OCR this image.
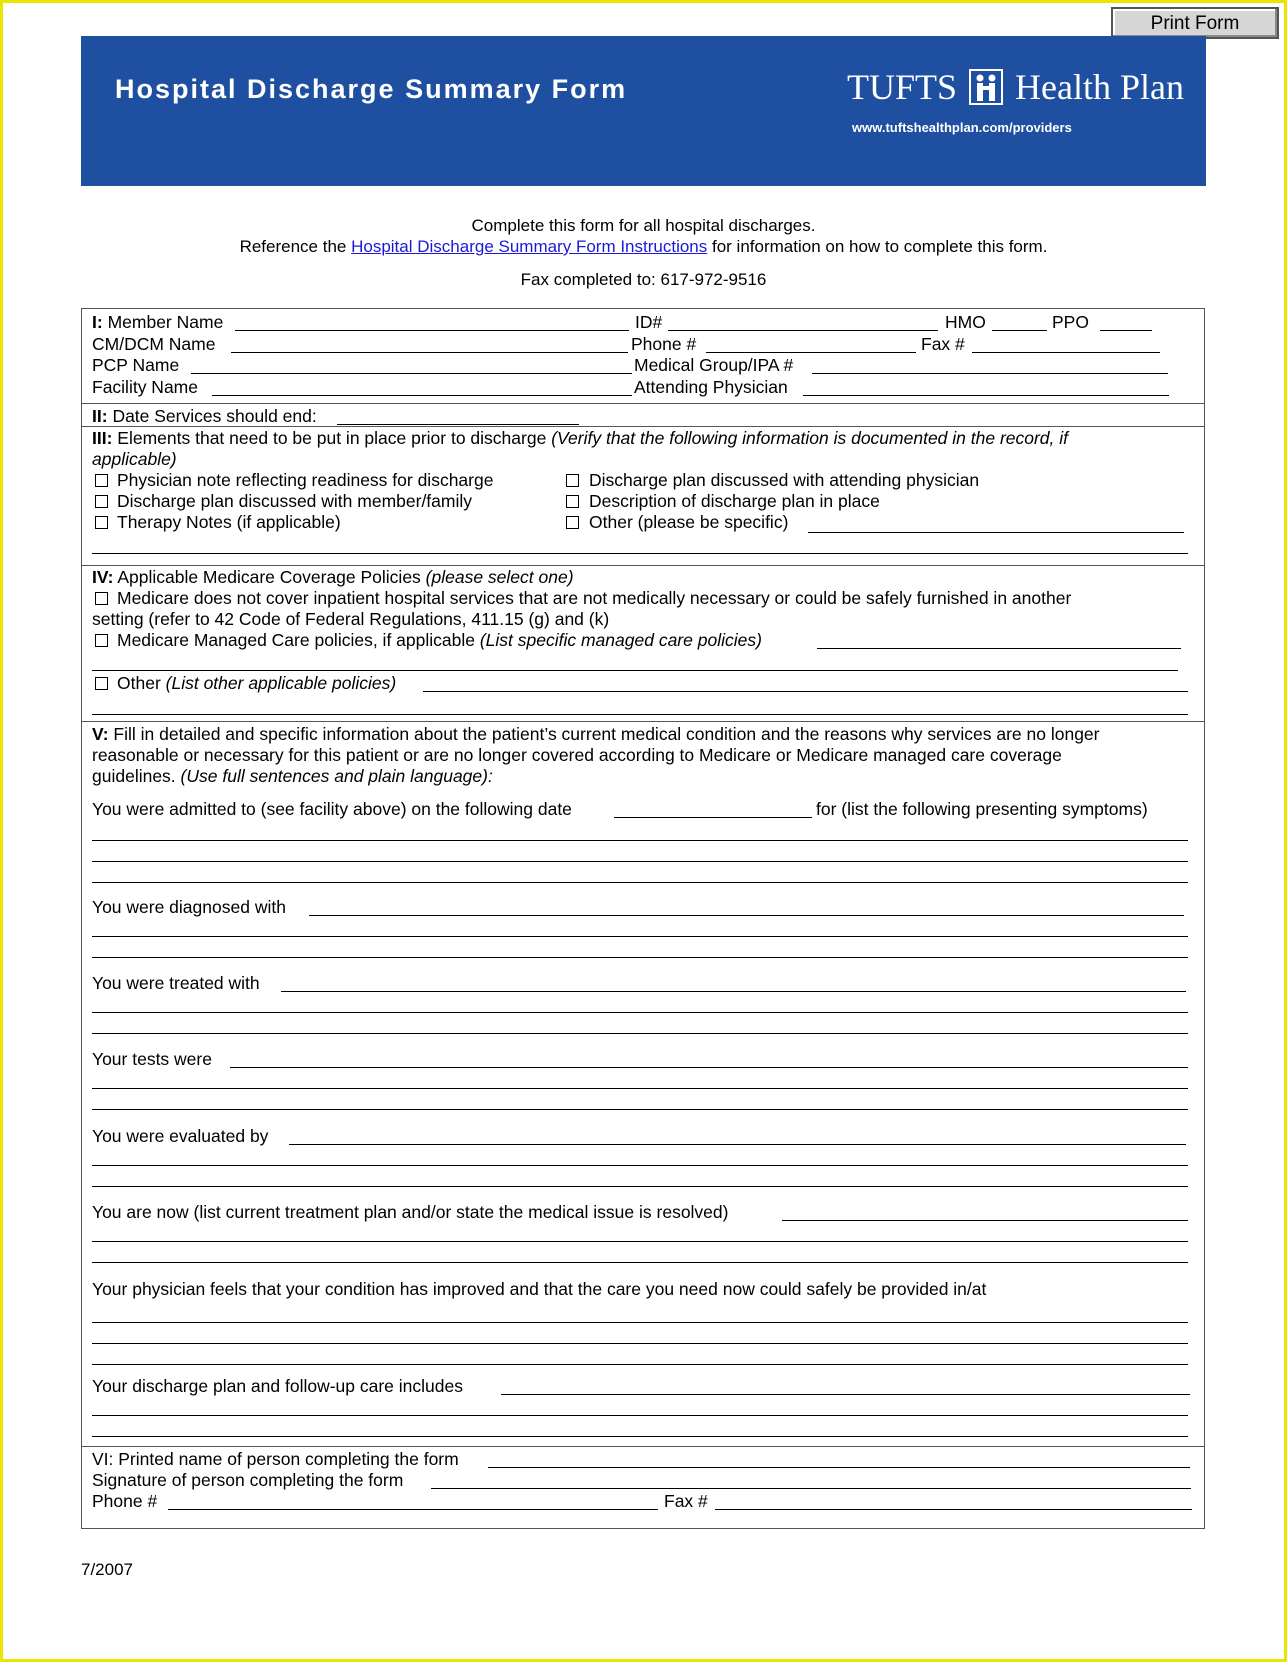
Print Form
Hospital Discharge Summary Form	TUFTS Health Plan
www.tuftshealthplan.com/providers
Complete this form for all hospital discharges.
Reference the Hospital Discharge Summary Form Instructions for information on how to complete this form.
Fax completed to: 617-972-9516
I: Member Name	ID#	HMO	PPO
CM/DCM Name	Phone #	Fax #
PCP Name	Medical Group/IPA #
Facility Name	Attending Physician
II: Date Services should end:
III: Elements that need to be put in place prior to discharge (Verify that the following information is documented in the record, if
applicable)
Physician note reflecting readiness for discharge
Discharge plan discussed with member/family
Therapy Notes (if applicable)
Discharge plan discussed with attending physician
Description of discharge plan in place
Other (please be specific)
IV: Applicable Medicare Coverage Policies (please select one)
Medicare does not cover inpatient hospital services that are not medically necessary or could be safely furnished in another
setting (refer to 42 Code of Federal Regulations, 411.15 (g) and (k)
Medicare Managed Care policies, if applicable (List specific managed care policies)
Other (List other applicable policies)
V: Fill in detailed and specific information about the patient’s current medical condition and the reasons why services are no longer
reasonable or necessary for this patient or are no longer covered according to Medicare or Medicare managed care coverage
guidelines. (Use full sentences and plain language):
You were admitted to (see facility above) on the following date	for (list the following presenting symptoms)
You were diagnosed with
You were treated with
Your tests were
You were evaluated by
You are now (list current treatment plan and/or state the medical issue is resolved)
Your physician feels that your condition has improved and that the care you need now could safely be provided in/at
Your discharge plan and follow-up care includes
VI: Printed name of person completing the form
Signature of person completing the form
Phone #	Fax #
7/2007
